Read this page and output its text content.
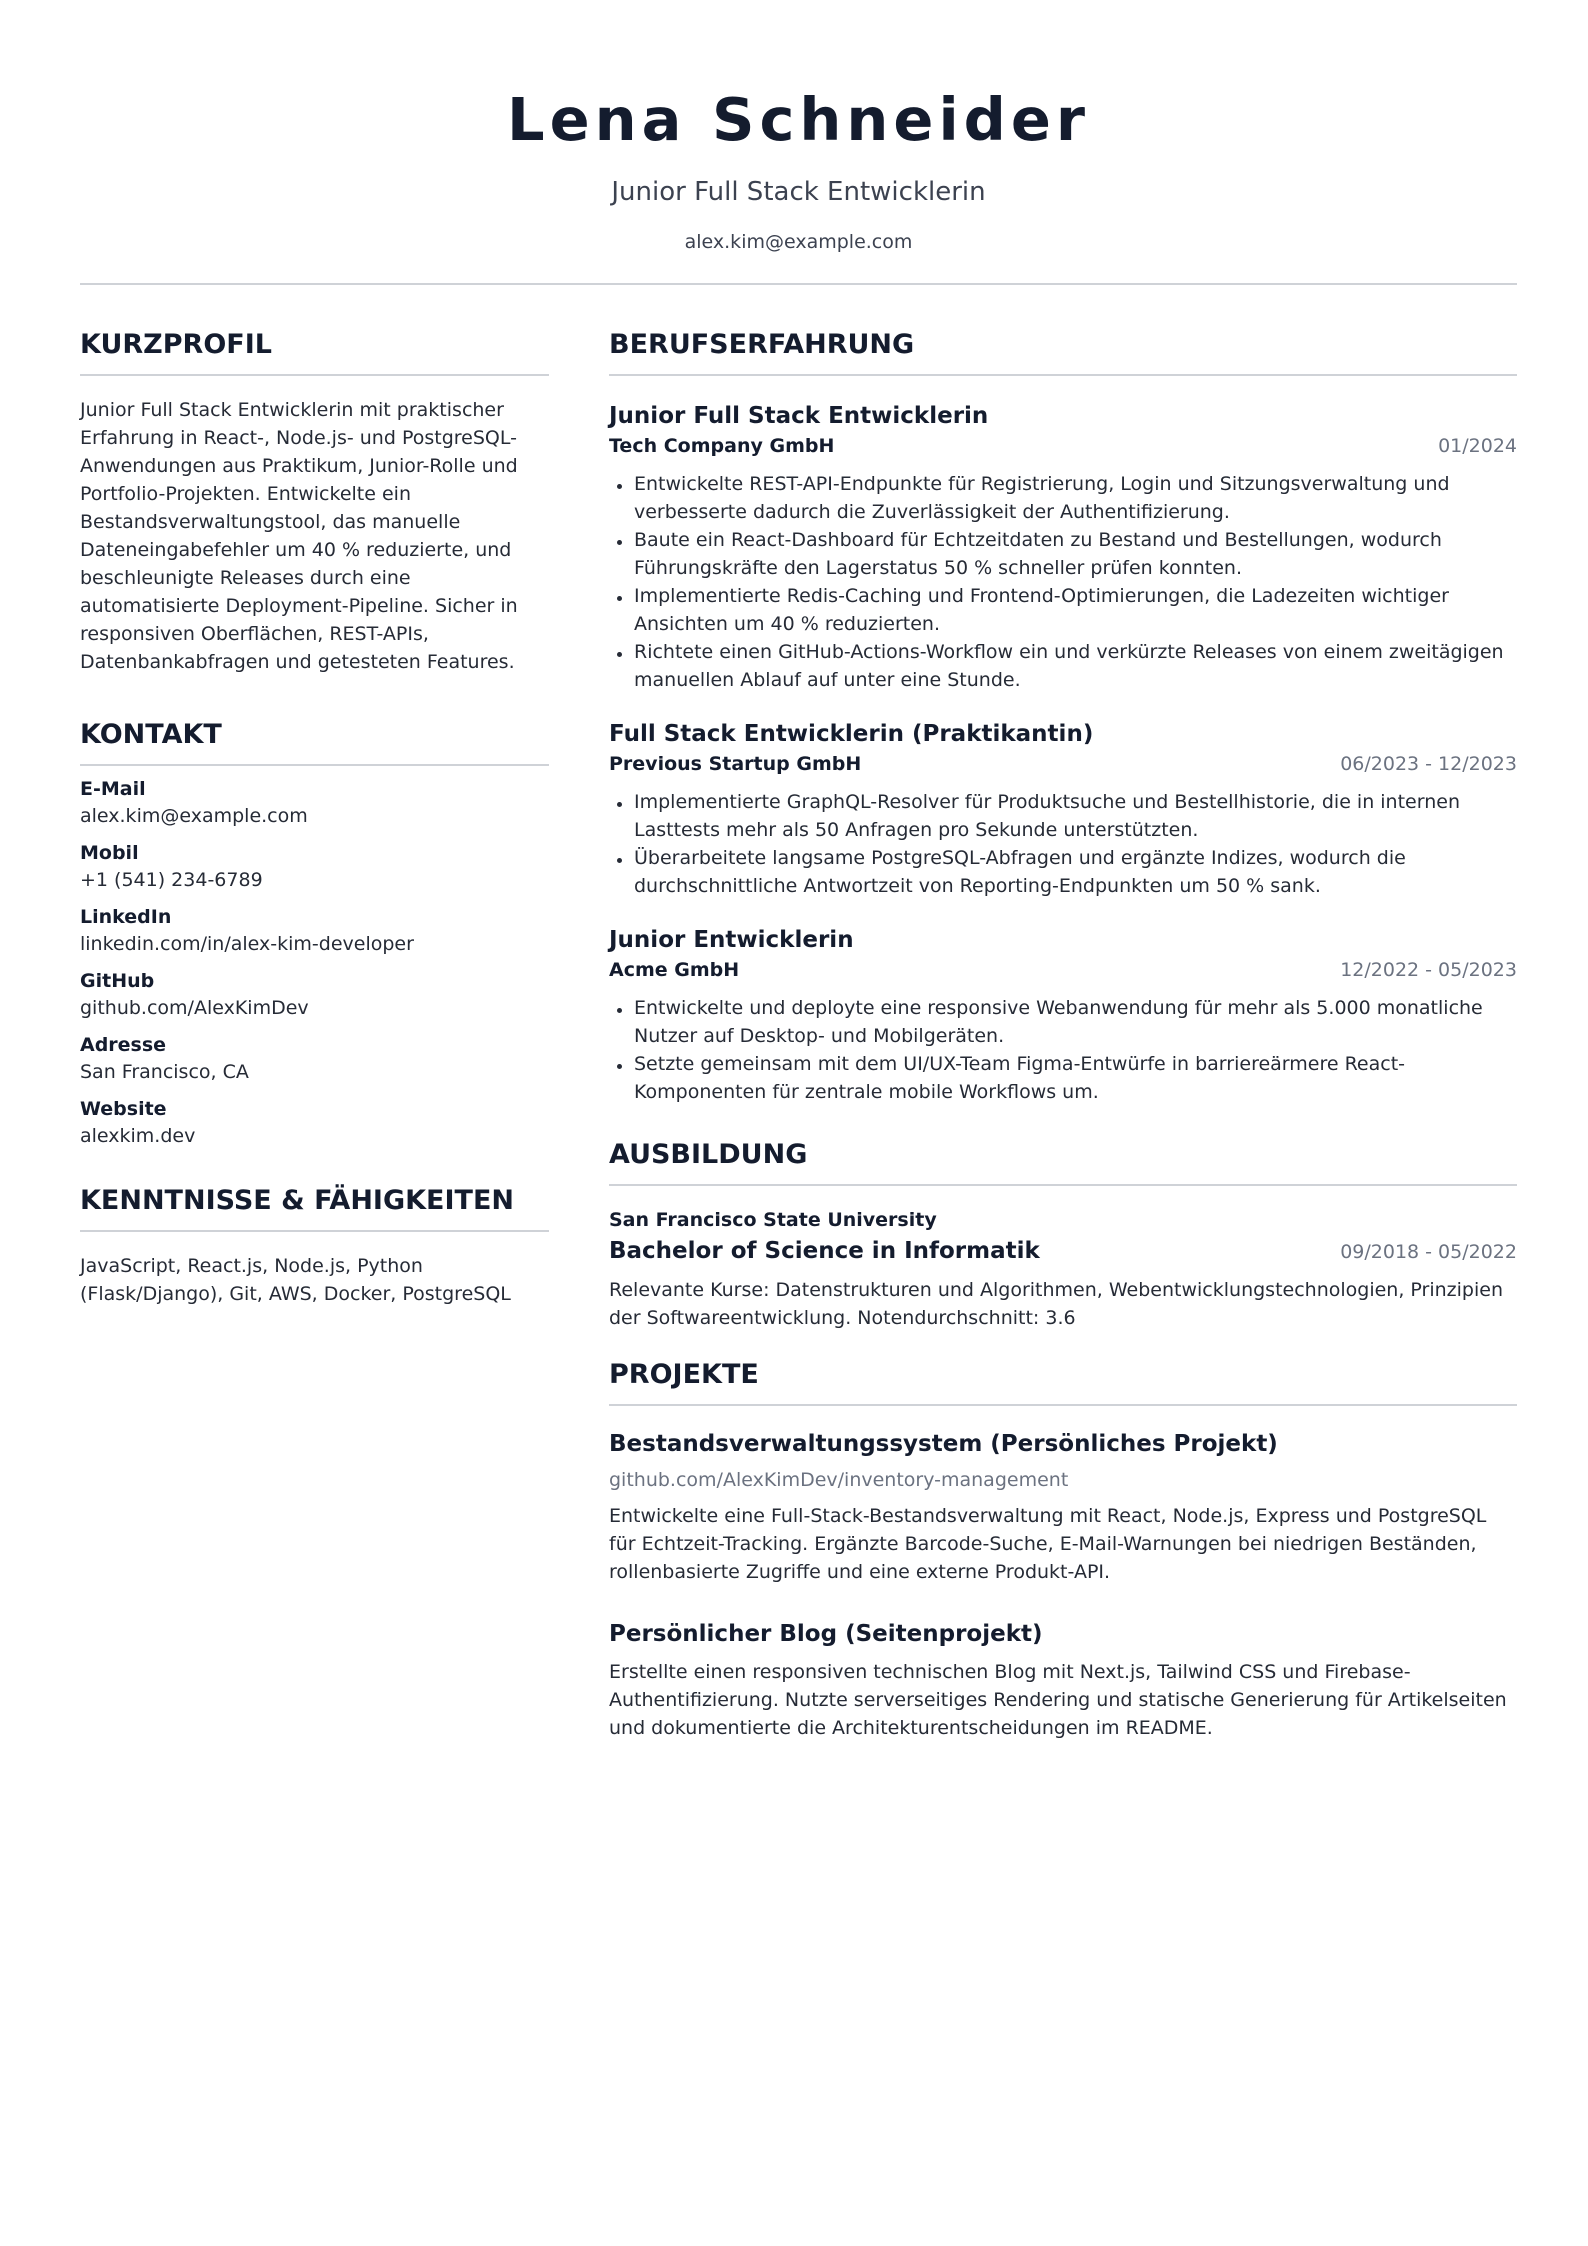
Lena Schneider
Junior Full Stack Entwicklerin
alex.kim@example.com
KURZPROFIL
Junior Full Stack Entwicklerin mit praktischer Erfahrung in React-, Node.js- und PostgreSQL-Anwendungen aus Praktikum, Junior-Rolle und Portfolio-Projekten. Entwickelte ein Bestandsverwaltungstool, das manuelle Dateneingabefehler um 40 % reduzierte, und beschleunigte Releases durch eine automatisierte Deployment-Pipeline. Sicher in responsiven Oberflächen, REST-APIs, Datenbankabfragen und getesteten Features.
KONTAKT
E-Mail
alex.kim@example.com
Mobil
+1 (541) 234-6789
LinkedIn
linkedin.com/in/alex-kim-developer
GitHub
github.com/AlexKimDev
Adresse
San Francisco, CA
Website
alexkim.dev
KENNTNISSE & FÄHIGKEITEN
JavaScript, React.js, Node.js, Python (Flask/Django), Git, AWS, Docker, PostgreSQL
BERUFSERFAHRUNG
Junior Full Stack Entwicklerin
Tech Company GmbH	01/2024
Entwickelte REST-API-Endpunkte für Registrierung, Login und Sitzungsverwaltung und verbesserte dadurch die Zuverlässigkeit der Authentifizierung.
Baute ein React-Dashboard für Echtzeitdaten zu Bestand und Bestellungen, wodurch Führungskräfte den Lagerstatus 50 % schneller prüfen konnten.
Implementierte Redis-Caching und Frontend-Optimierungen, die Ladezeiten wichtiger Ansichten um 40 % reduzierten.
Richtete einen GitHub-Actions-Workflow ein und verkürzte Releases von einem zweitägigen manuellen Ablauf auf unter eine Stunde.
Full Stack Entwicklerin (Praktikantin)
Previous Startup GmbH	06/2023 - 12/2023
Implementierte GraphQL-Resolver für Produktsuche und Bestellhistorie, die in internen Lasttests mehr als 50 Anfragen pro Sekunde unterstützten.
Überarbeitete langsame PostgreSQL-Abfragen und ergänzte Indizes, wodurch die durchschnittliche Antwortzeit von Reporting-Endpunkten um 50 % sank.
Junior Entwicklerin
Acme GmbH	12/2022 - 05/2023
Entwickelte und deployte eine responsive Webanwendung für mehr als 5.000 monatliche Nutzer auf Desktop- und Mobilgeräten.
Setzte gemeinsam mit dem UI/UX-Team Figma-Entwürfe in barriereärmere React-Komponenten für zentrale mobile Workflows um.
AUSBILDUNG
San Francisco State University
Bachelor of Science in Informatik	09/2018 - 05/2022
Relevante Kurse: Datenstrukturen und Algorithmen, Webentwicklungstechnologien, Prinzipien der Softwareentwicklung. Notendurchschnitt: 3.6
PROJEKTE
Bestandsverwaltungssystem (Persönliches Projekt)
github.com/AlexKimDev/inventory-management
Entwickelte eine Full-Stack-Bestandsverwaltung mit React, Node.js, Express und PostgreSQL für Echtzeit-Tracking. Ergänzte Barcode-Suche, E-Mail-Warnungen bei niedrigen Beständen, rollenbasierte Zugriffe und eine externe Produkt-API.
Persönlicher Blog (Seitenprojekt)
Erstellte einen responsiven technischen Blog mit Next.js, Tailwind CSS und Firebase-Authentifizierung. Nutzte serverseitiges Rendering und statische Generierung für Artikelseiten und dokumentierte die Architekturentscheidungen im README.
